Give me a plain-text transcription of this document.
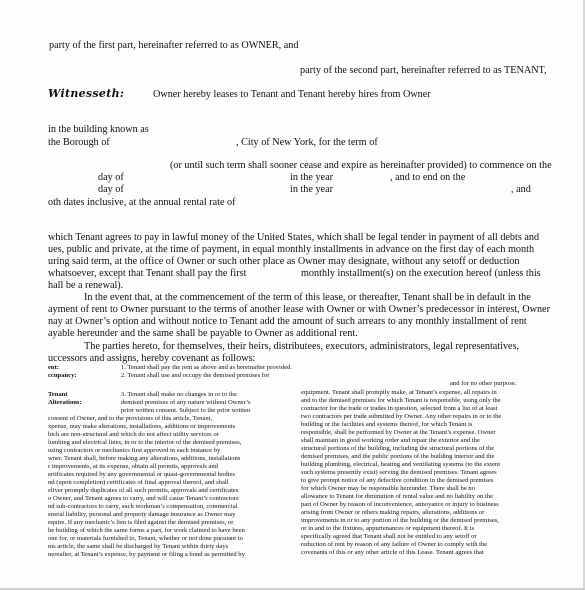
party of the first part, hereinafter referred to as OWNER, and
party of the second part, hereinafter referred to as TENANT,
Witnesseth:	Owner hereby leases to Tenant and Tenant hereby hires from Owner
in the building known as
the Borough of	, City of New York, for the term of
(or until such term shall sooner cease and expire as hereinafter provided) to commence on the
day of	in the year	, and to end on the
day of	in the year	, and
oth dates inclusive, at the annual rental rate of
which Tenant agrees to pay in lawful money of the United States, which shall be legal tender in payment of all debts and
ues, public and private, at the time of payment, in equal monthly installments in advance on the first day of each month
uring said term, at the office of Owner or such other place as Owner may designate, without any setoff or deduction
whatsoever, except that Tenant shall pay the first	monthly installment(s) on the execution hereof (unless this
hall be a renewal).
In the event that, at the commencement of the term of this lease, or thereafter, Tenant shall be in default in the
ayment of rent to Owner pursuant to the terms of another lease with Owner or with Owner’s predecessor in interest, Owner
nay at Owner’s option and without notice to Tenant add the amount of such arrears to any monthly installment of rent
ayable hereunder and the same shall be payable to Owner as additional rent.
The parties hereto, for themselves, their heirs, distributees, executors, administrators, legal representatives,
uccessors and assigns, hereby covenant as follows:
ent:	1. Tenant shall pay the rent as above and as hereinafter provided.
ccupancy:	2. Tenant shall use and occupy the demised premises for
and for no other purpose.
Tenant
Alterations:
3. Tenant shall make no changes in or to the
demised premises of any nature without Owner’s
prior written consent. Subject to the prior written
consent of Owner, and to the provisions of this article, Tenant,
xpense, may make alterations, installations, additions or improvements
hich are non-structural and which do not affect utility services or
lumbing and electrical lines, in or to the interior of the demised premises,
using contractors or mechanics first approved in each instance by
wner. Tenant shall, before making any alterations, additions, installations
r improvements, at its expense, obtain all permits, approvals and
ertificates required by any governmental or quasi-governmental bodies
nd (upon completion) certificates of final approval thereof, and shall
eliver promptly duplicates of all such permits, approvals and certificates
o Owner, and Tenant agrees to carry, and will cause Tenant’s contractors
nd sub-contractors to carry, such workman’s compensation, commercial
eneral liability, personal and property damage insurance as Owner may
equire. If any mechanic’s lien is filed against the demised premises, or
he building of which the same forms a part, for work claimed to have been
one for, or materials furnished to, Tenant, whether or not done pursuant to
nis article, the same shall be discharged by Tenant within thirty days
nereafter, at Tenant’s expense, by payment or filing a bond as permitted by
equipment. Tenant shall promptly make, at Tenant’s expense, all repairs in
and to the demised premises for which Tenant is responsible, using only the
contractor for the trade or trades in question, selected from a list of at least
two contractors per trade submitted by Owner. Any other repairs in or to the
building or the facilities and systems thereof, for which Tenant is
responsible, shall be performed by Owner at the Tenant’s expense. Owner
shall maintain in good working order and repair the exterior and the
structural portions of the building, including the structural portions of the
demised premises, and the public portions of the building interior and the
building plumbing, electrical, heating and ventilating systems (to the extent
such systems presently exist) serving the demised premises. Tenant agrees
to give prompt notice of any defective condition in the demised premises
for which Owner may be responsible hereunder. There shall be no
allowance to Tenant for diminution of rental value and no liability on the
part of Owner by reason of inconvenience, annoyance or injury to business
arising from Owner or others making repairs, alterations, additions or
improvements in or to any portion of the building or the demised premises,
or in and to the fixtures, appurtenances or equipment thereof. It is
specifically agreed that Tenant shall not be entitled to any setoff or
reduction of rent by reason of any failure of Owner to comply with the
covenants of this or any other article of this Lease. Tenant agrees that
